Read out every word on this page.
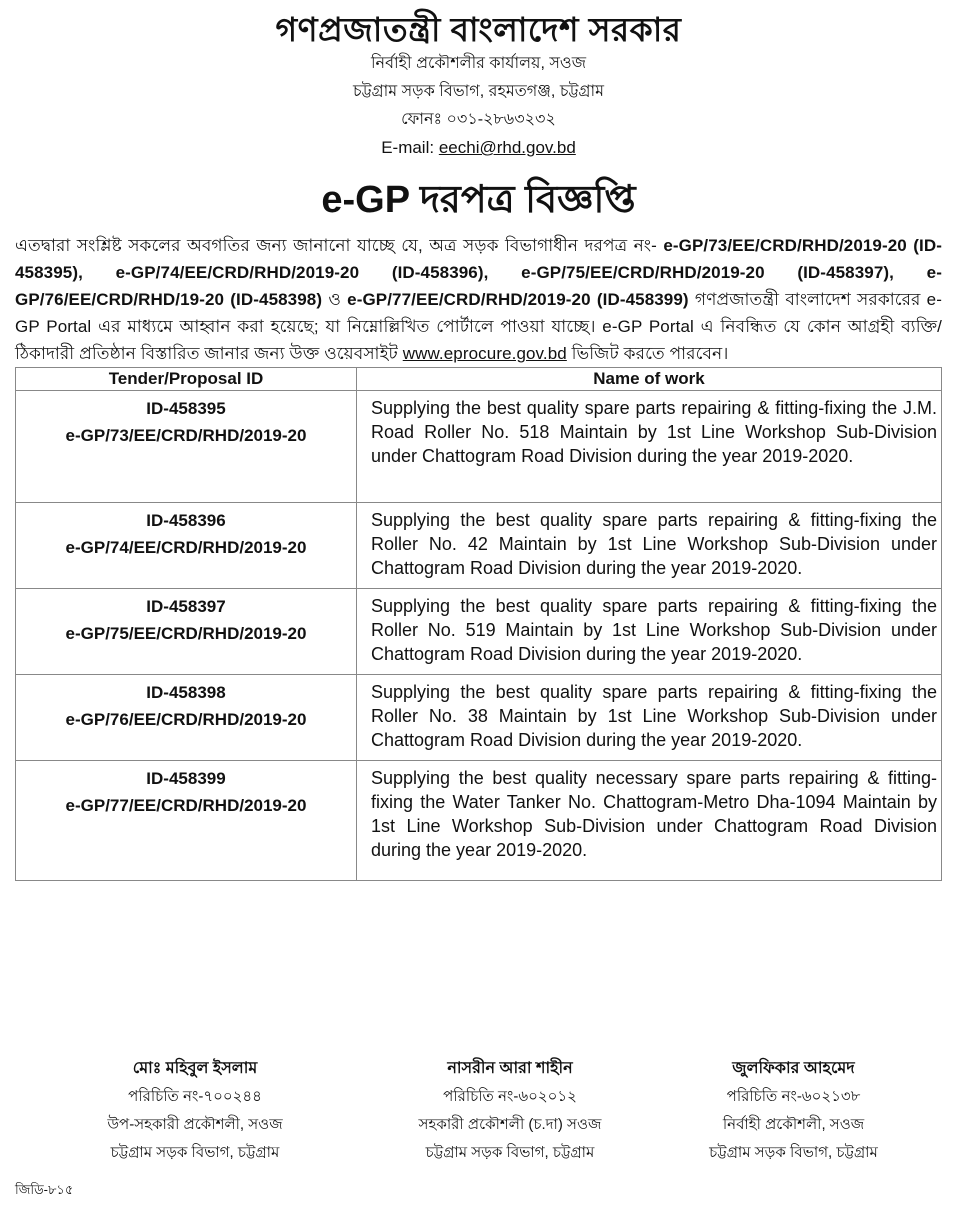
গণপ্রজাতন্ত্রী বাংলাদেশ সরকার
নির্বাহী প্রকৌশলীর কার্যালয়, সওজ
চট্টগ্রাম সড়ক বিভাগ, রহমতগঞ্জ, চট্টগ্রাম
ফোনঃ ০৩১-২৮৬৩২৩২
E-mail: eechi@rhd.gov.bd
e-GP দরপত্র বিজ্ঞপ্তি
এতদ্বারা সংশ্লিষ্ট সকলের অবগতির জন্য জানানো যাচ্ছে যে, অত্র সড়ক বিভাগাধীন দরপত্র নং- e-GP/73/EE/CRD/RHD/2019-20 (ID-458395), e-GP/74/EE/CRD/RHD/2019-20 (ID-458396), e-GP/75/EE/CRD/RHD/2019-20 (ID-458397), e-GP/76/EE/CRD/RHD/19-20 (ID-458398) ও e-GP/77/EE/CRD/RHD/2019-20 (ID-458399) গণপ্রজাতন্ত্রী বাংলাদেশ সরকারের e-GP Portal এর মাধ্যমে আহ্বান করা হয়েছে; যা নিম্নোল্লিখিত পোর্টালে পাওয়া যাচ্ছে। e-GP Portal এ নিবন্ধিত যে কোন আগ্রহী ব্যক্তি/ঠিকাদারী প্রতিষ্ঠান বিস্তারিত জানার জন্য উক্ত ওয়েবসাইট www.eprocure.gov.bd ভিজিট করতে পারবেন।
Tender/Proposal ID	Name of work

ID-458395
e-GP/73/EE/CRD/RHD/2019-20	Supplying the best quality spare parts repairing & fitting-fixing the J.M. Road Roller No. 518 Maintain by 1st Line Workshop Sub-Division under Chattogram Road Division during the year 2019-2020.

ID-458396
e-GP/74/EE/CRD/RHD/2019-20	Supplying the best quality spare parts repairing & fitting-fixing the Roller No. 42 Maintain by 1st Line Workshop Sub-Division under Chattogram Road Division during the year 2019-2020.

ID-458397
e-GP/75/EE/CRD/RHD/2019-20	Supplying the best quality spare parts repairing & fitting-fixing the Roller No. 519 Maintain by 1st Line Workshop Sub-Division under Chattogram Road Division during the year 2019-2020.

ID-458398
e-GP/76/EE/CRD/RHD/2019-20	Supplying the best quality spare parts repairing & fitting-fixing the Roller No. 38 Maintain by 1st Line Workshop Sub-Division under Chattogram Road Division during the year 2019-2020.

ID-458399
e-GP/77/EE/CRD/RHD/2019-20	Supplying the best quality necessary spare parts repairing & fitting-fixing the Water Tanker No. Chattogram-Metro Dha-1094 Maintain by 1st Line Workshop Sub-Division under Chattogram Road Division during the year 2019-2020.
মোঃ মহিবুল ইসলাম
পরিচিতি নং-৭০০২৪৪
উপ-সহকারী প্রকৌশলী, সওজ
চট্টগ্রাম সড়ক বিভাগ, চট্টগ্রাম
নাসরীন আরা শাহীন
পরিচিতি নং-৬০২০১২
সহকারী প্রকৌশলী (চ.দা) সওজ
চট্টগ্রাম সড়ক বিভাগ, চট্টগ্রাম
জুলফিকার আহমেদ
পরিচিতি নং-৬০২১৩৮
নির্বাহী প্রকৌশলী, সওজ
চট্টগ্রাম সড়ক বিভাগ, চট্টগ্রাম
জিডি-৮১৫
